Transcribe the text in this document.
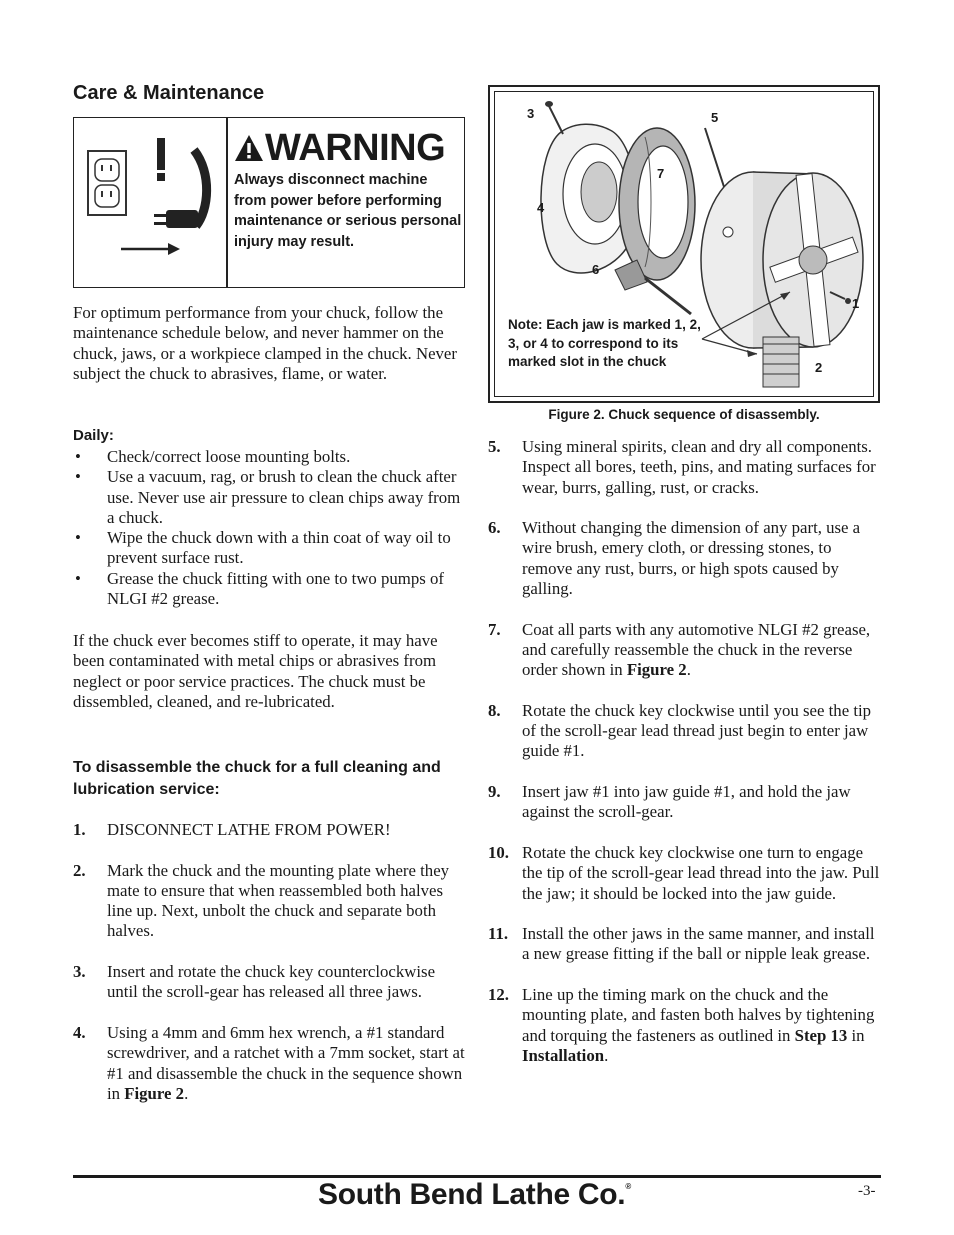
Care & Maintenance
WARNING
Always disconnect machine from power before performing maintenance or serious personal injury may result.
For optimum performance from your chuck, follow the maintenance schedule below, and never hammer on the chuck, jaws, or a workpiece clamped in the chuck. Never subject the chuck to abrasives, flame, or water.
Daily:
• Check/correct loose mounting bolts.
• Use a vacuum, rag, or brush to clean the chuck after use. Never use air pressure to clean chips away from a chuck.
• Wipe the chuck down with a thin coat of way oil to prevent surface rust.
• Grease the chuck fitting with one to two pumps of NLGI #2 grease.
If the chuck ever becomes stiff to operate, it may have been contaminated with metal chips or abrasives from neglect or poor service practices. The chuck must be dissembled, cleaned, and re-lubricated.
To disassemble the chuck for a full cleaning and lubrication service:
1. DISCONNECT LATHE FROM POWER!
2. Mark the chuck and the mounting plate where they mate to ensure that when reassembled both halves line up. Next, unbolt the chuck and separate both halves.
3. Insert and rotate the chuck key counterclockwise until the scroll-gear has released all three jaws.
4. Using a 4mm and 6mm hex wrench, a #1 standard screwdriver, and a ratchet with a 7mm socket, start at #1 and disassemble the chuck in the sequence shown in Figure 2.
3	5
7
4
6
1
2
Note: Each jaw is marked 1, 2, 3, or 4 to correspond to its marked slot in the chuck
Figure 2. Chuck sequence of disassembly.
5. Using mineral spirits, clean and dry all components. Inspect all bores, teeth, pins, and mating surfaces for wear, burrs, galling, rust, or cracks.
6. Without changing the dimension of any part, use a wire brush, emery cloth, or dressing stones, to remove any rust, burrs, or high spots caused by galling.
7. Coat all parts with any automotive NLGI #2 grease, and carefully reassemble the chuck in the reverse order shown in Figure 2.
8. Rotate the chuck key clockwise until you see the tip of the scroll-gear lead thread just begin to enter jaw guide #1.
9. Insert jaw #1 into jaw guide #1, and hold the jaw against the scroll-gear.
10. Rotate the chuck key clockwise one turn to engage the tip of the scroll-gear lead thread into the jaw. Pull the jaw; it should be locked into the jaw guide.
11. Install the other jaws in the same manner, and install a new grease fitting if the ball or nipple leak grease.
12. Line up the timing mark on the chuck and the mounting plate, and fasten both halves by tightening and torquing the fasteners as outlined in Step 13 in Installation.
South Bend Lathe Co.®	-3-
